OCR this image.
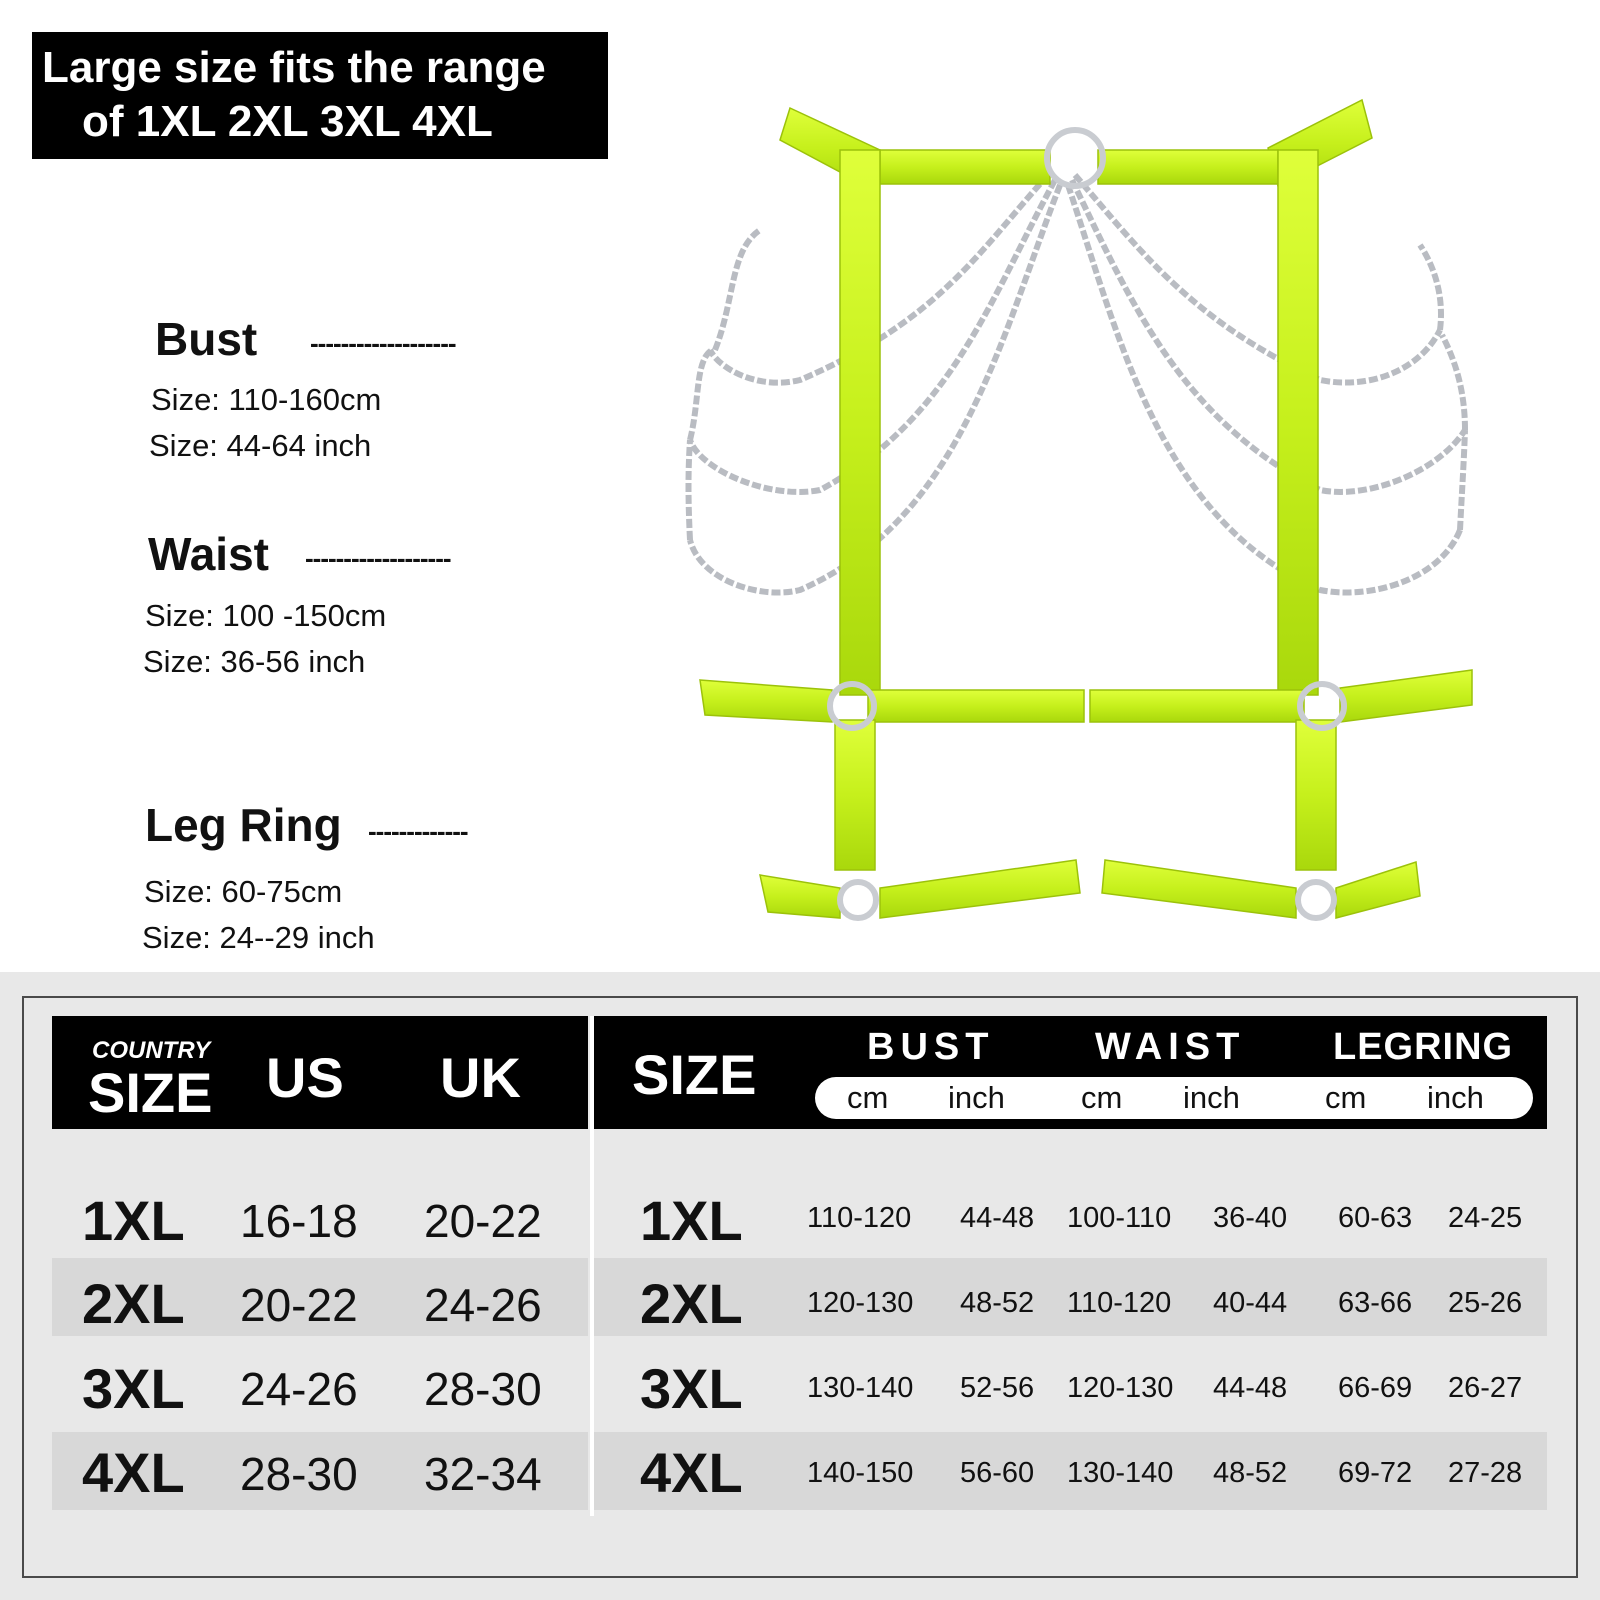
Large size fits the range
of 1XL 2XL 3XL 4XL
Bust -------------------
Size: 110-160cm
Size: 44-64 inch
Waist -------------------
Size: 100 -150cm
Size: 36-56 inch
Leg Ring -------------
Size: 60-75cm
Size: 24--29 inch
COUNTRY
SIZE US UK SIZE	BUST	WAIST LEGRING
cm inch cm inch	cm inch
1XL 16-18 20-22 1XL 110-120 44-48 100-110 36-40 60-63 24-25
2XL 20-22 24-26 2XL 120-130 48-52 110-120 40-44 63-66 25-26
3XL 24-26 28-30 3XL 130-140 52-56 120-130 44-48 66-69 26-27
4XL 28-30 32-34 4XL 140-150 56-60 130-140 48-52 69-72 27-28
